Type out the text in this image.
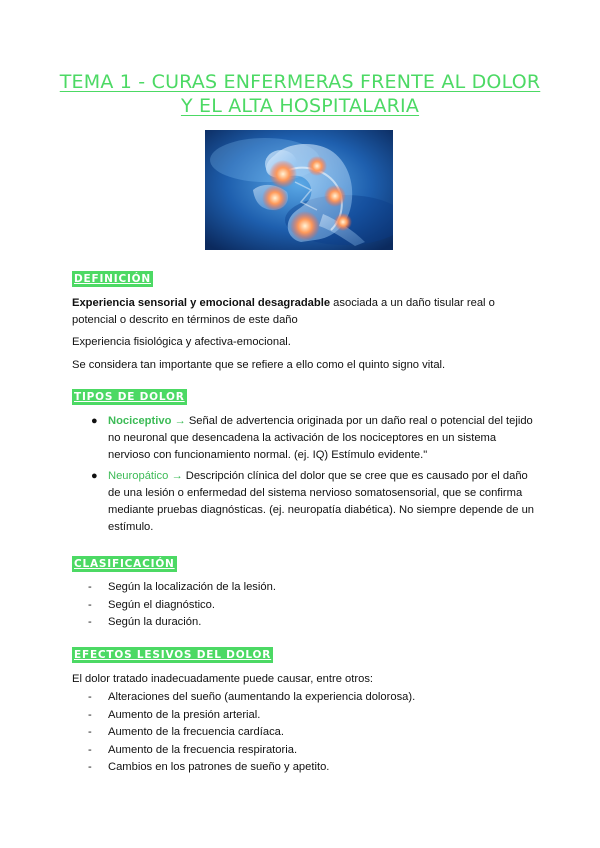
TEMA 1 - CURAS ENFERMERAS FRENTE AL DOLOR
Y EL ALTA HOSPITALARIA
DEFINICIÓN
Experiencia sensorial y emocional desagradable asociada a un daño tisular real o potencial o descrito en términos de este daño
Experiencia fisiológica y afectiva-emocional.
Se considera tan importante que se refiere a ello como el quinto signo vital.
TIPOS DE DOLOR
● Nociceptivo → Señal de advertencia originada por un daño real o potencial del tejido no neuronal que desencadena la activación de los nociceptores en un sistema nervioso con funcionamiento normal. (ej. IQ) Estímulo evidente."
● Neuropático → Descripción clínica del dolor que se cree que es causado por el daño de una lesión o enfermedad del sistema nervioso somatosensorial, que se confirma mediante pruebas diagnósticas. (ej. neuropatía diabética). No siempre depende de un estímulo.
CLASIFICACIÓN
- Según la localización de la lesión.
- Según el diagnóstico.
- Según la duración.
EFECTOS LESIVOS DEL DOLOR
El dolor tratado inadecuadamente puede causar, entre otros:
- Alteraciones del sueño (aumentando la experiencia dolorosa).
- Aumento de la presión arterial.
- Aumento de la frecuencia cardíaca.
- Aumento de la frecuencia respiratoria.
- Cambios en los patrones de sueño y apetito.
